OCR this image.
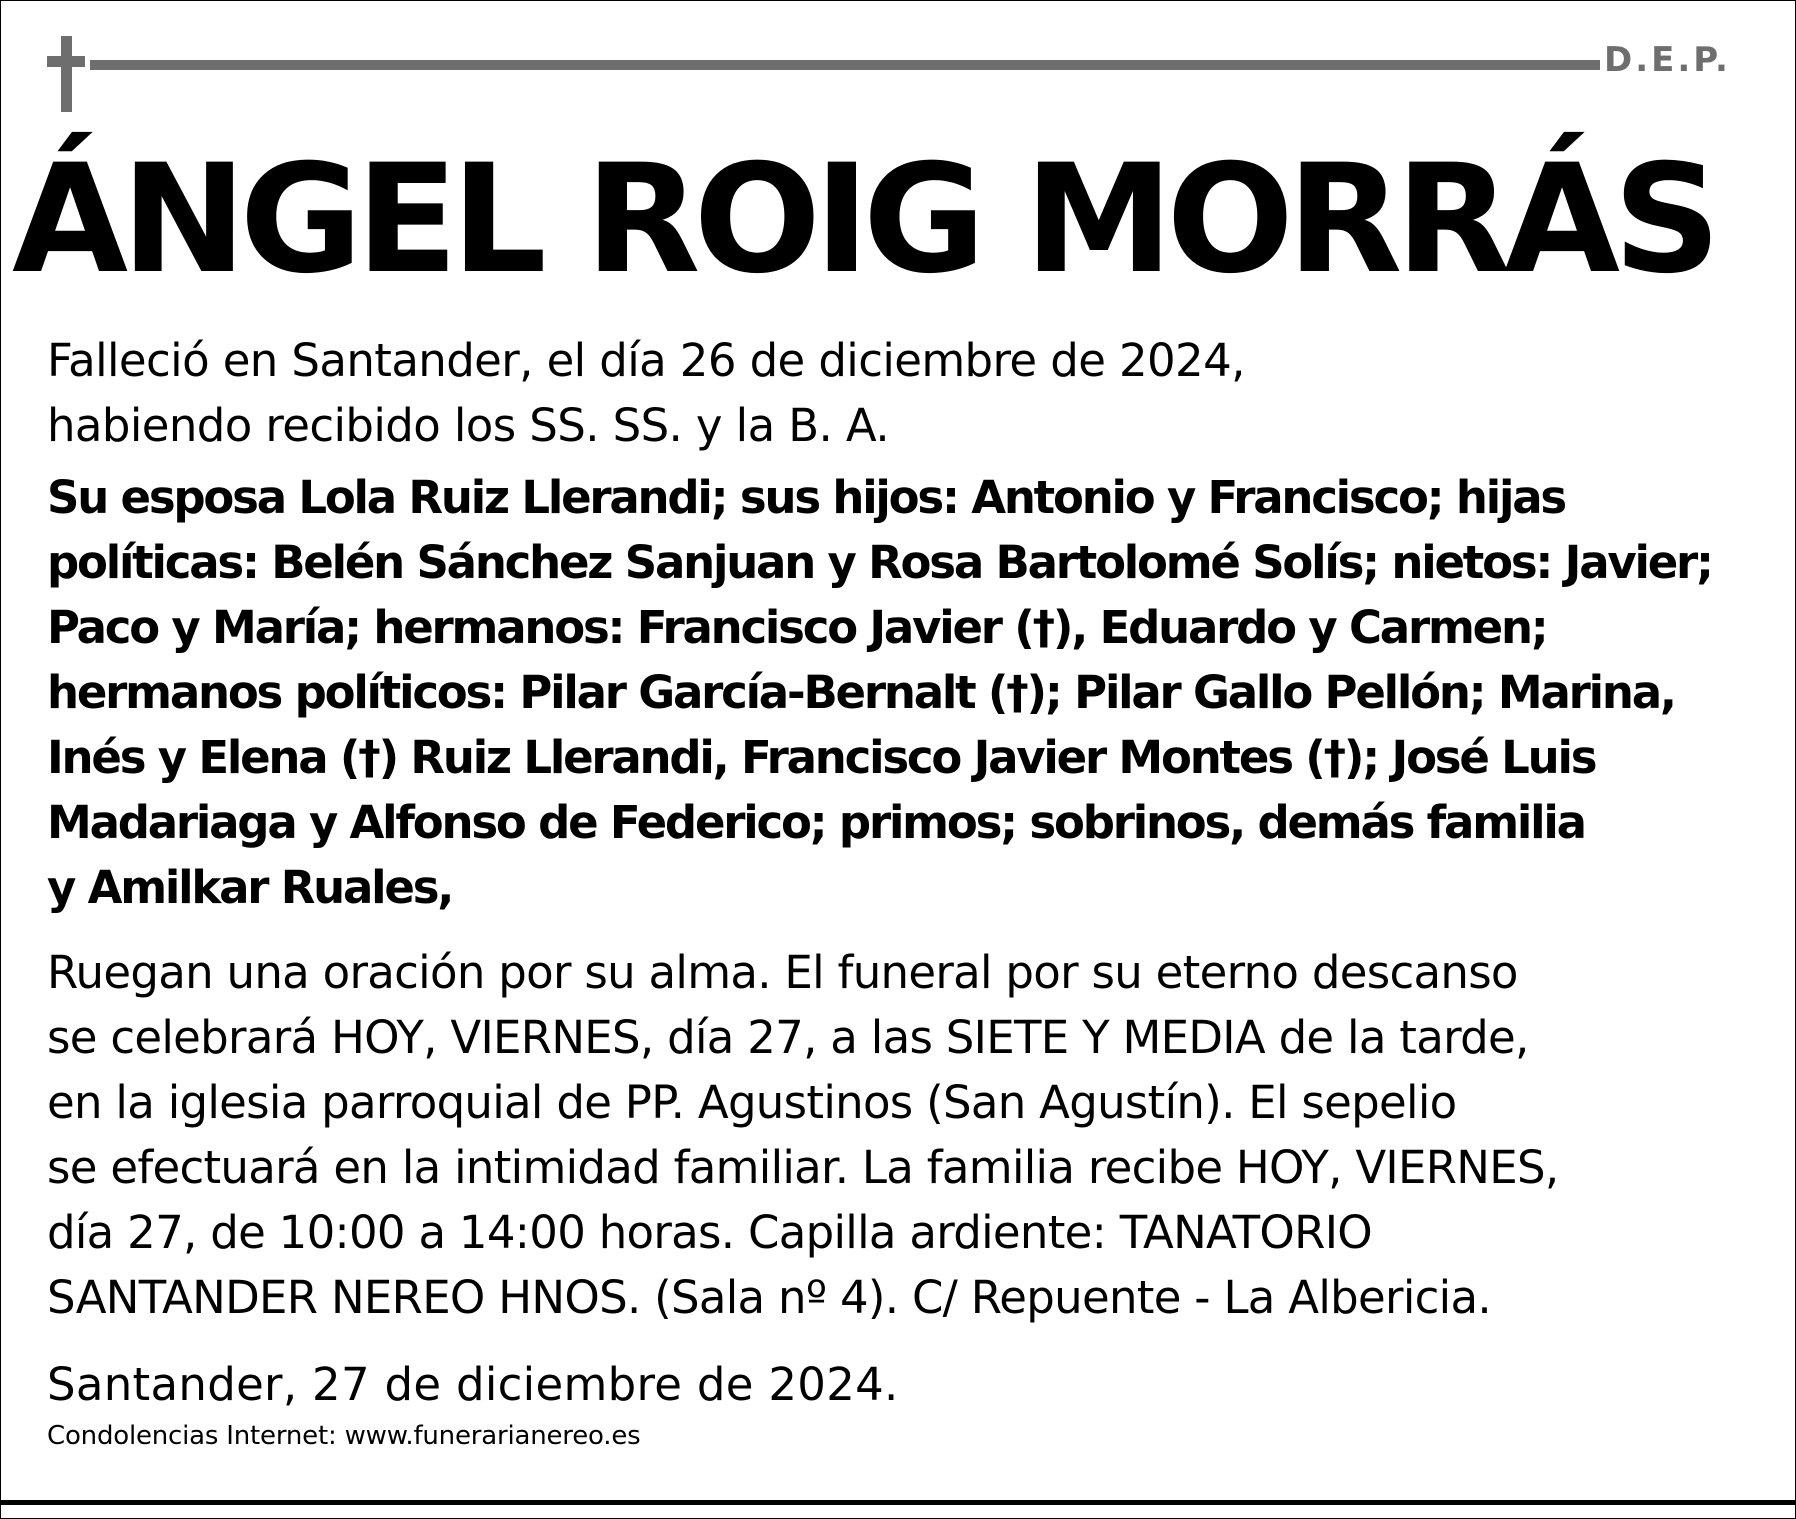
D.E.P.
ÁNGEL ROIG MORRÁS
Falleció en Santander, el día 26 de diciembre de 2024,
habiendo recibido los SS. SS. y la B. A.
Su esposa Lola Ruiz Llerandi; sus hijos: Antonio y Francisco; hijas
políticas: Belén Sánchez Sanjuan y Rosa Bartolomé Solís; nietos: Javier;
Paco y María; hermanos: Francisco Javier (†), Eduardo y Carmen;
hermanos políticos: Pilar García-Bernalt (†); Pilar Gallo Pellón; Marina,
Inés y Elena (†) Ruiz Llerandi, Francisco Javier Montes (†); José Luis
Madariaga y Alfonso de Federico; primos; sobrinos, demás familia
y Amilkar Ruales,
Ruegan una oración por su alma. El funeral por su eterno descanso
se celebrará HOY, VIERNES, día 27, a las SIETE Y MEDIA de la tarde,
en la iglesia parroquial de PP. Agustinos (San Agustín). El sepelio
se efectuará en la intimidad familiar. La familia recibe HOY, VIERNES,
día 27, de 10:00 a 14:00 horas. Capilla ardiente: TANATORIO
SANTANDER NEREO HNOS. (Sala nº 4). C/ Repuente - La Albericia.
Santander, 27 de diciembre de 2024.
Condolencias Internet: www.funerarianereo.es
